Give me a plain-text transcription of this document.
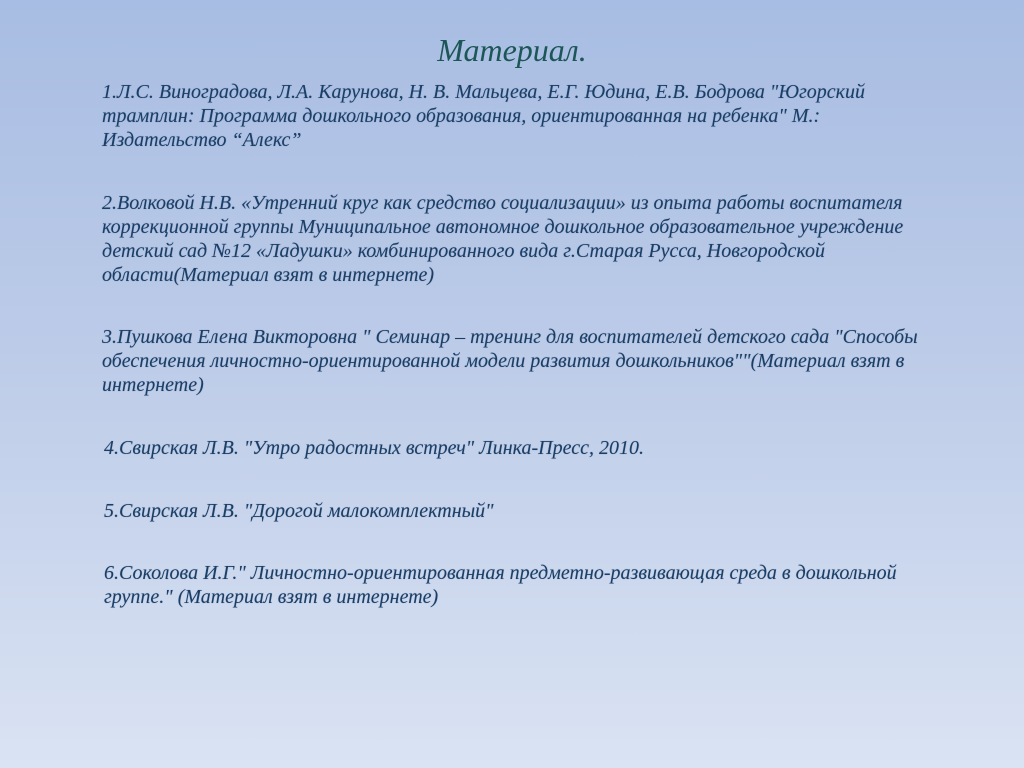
Материал.

1.Л.С. Виноградова, Л.А. Карунова, Н. В. Мальцева, Е.Г. Юдина, Е.В. Бодрова "Югорский трамплин: Программа дошкольного образования, ориентированная на ребенка" М.: Издательство “Алекс”

2.Волковой Н.В. «Утренний круг как средство социализации» из опыта работы воспитателя коррекционной группы Муниципальное автономное дошкольное образовательное учреждение детский сад №12 «Ладушки» комбинированного вида г.Старая Русса, Новгородской области(Материал взят в интернете)

3.Пушкова Елена Викторовна " Семинар – тренинг для воспитателей детского сада "Способы обеспечения личностно-ориентированной модели развития дошкольников""(Материал взят в интернете)

4.Свирская Л.В. "Утро радостных встреч" Линка-Пресс, 2010.

5.Свирская Л.В. "Дорогой малокомплектный"

6.Соколова И.Г." Личностно-ориентированная предметно-развивающая среда в дошкольной группе." (Материал взят в интернете)
